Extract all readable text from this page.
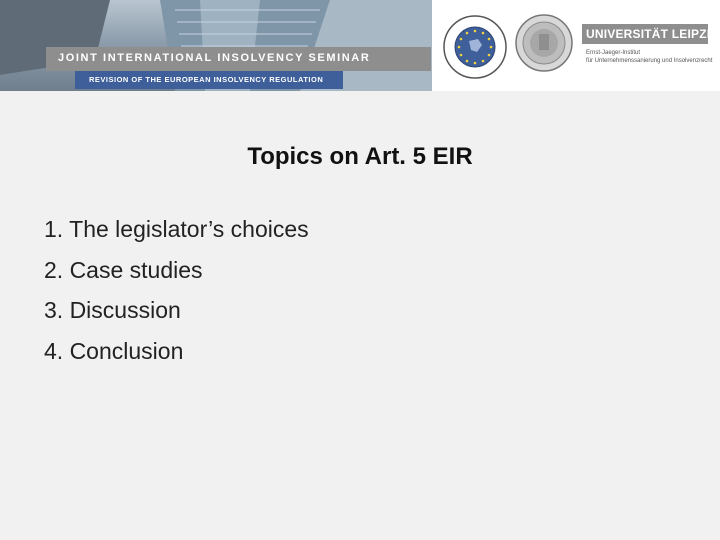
JOINT INTERNATIONAL INSOLVENCY SEMINAR
REVISION OF THE EUROPEAN INSOLVENCY REGULATION
UNIVERSITÄT LEIPZIG
Ernst-Jaeger-Institut
für Unternehmenssanierung und Insolvenzrecht
Topics on Art. 5 EIR
1. The legislator’s choices
2. Case studies
3. Discussion
4. Conclusion
